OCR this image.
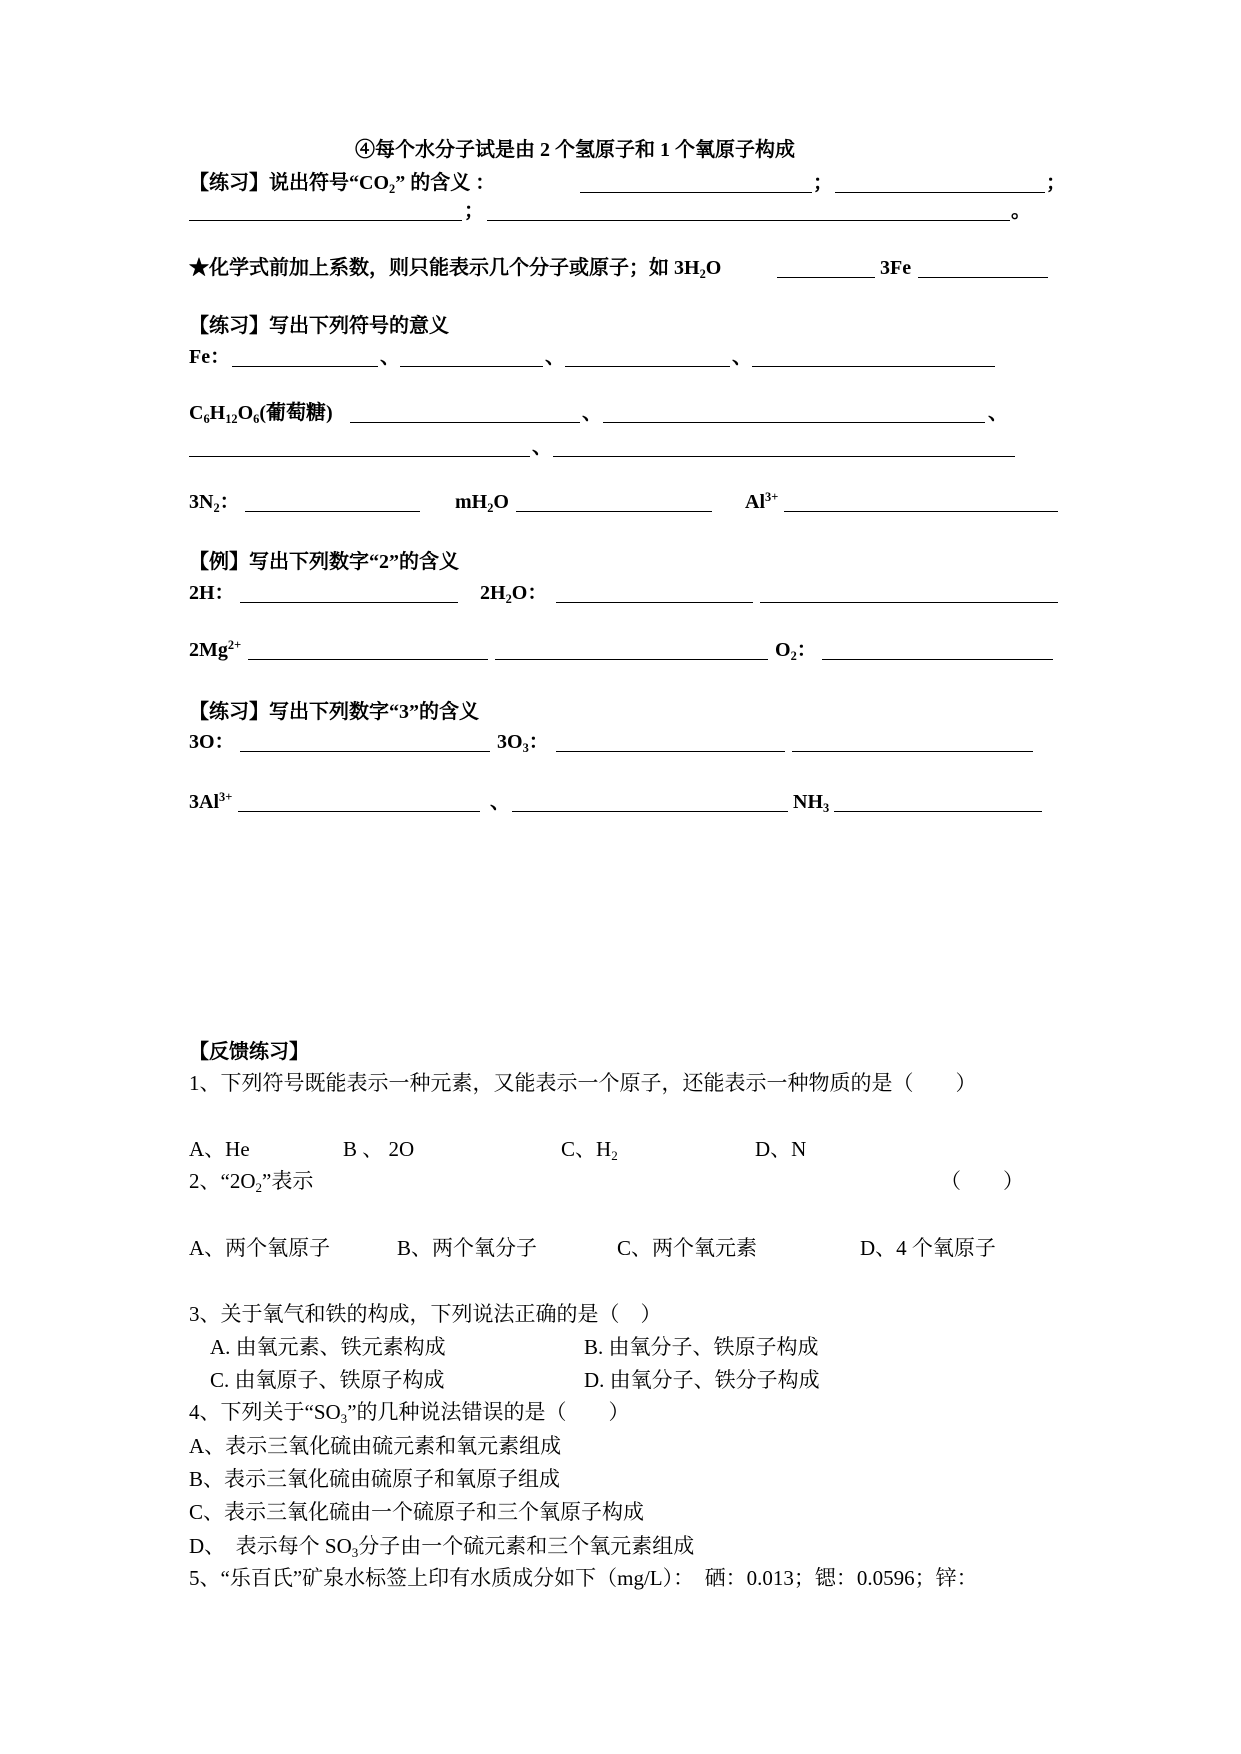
④每个水分子试是由 2 个氢原子和 1 个氧原子构成
【练习】说出符号“$CO_2$” 的含义 ：	；	；
；	。
★化学式前加上系数，则只能表示几个分子或原子；如 $3H_2O$	3Fe
【练习】写出下列符号的意义
Fe：	、	、	、
$C_6H_{12}O_6$(葡萄糖)	、	、
、
$3N_2$：	$mH_2O$	$Al^{3+}$
【例】写出下列数字“2”的含义
2H：	$2H_2O$：
$2Mg^{2+}$	$O_2$：
【练习】写出下列数字“3”的含义
3O：	$3O_3$：
$3Al^{3+}$	、	$NH_3$
【反馈练习】
1、下列符号既能表示一种元素，又能表示一个原子，还能表示一种物质的是（　　）
A、He	B 、 2O	C、$H_2$	D、N
2、“$2O_2$”表示	（　　）
A、两个氧原子	B、两个氧分子	C、两个氧元素	D、4 个氧原子
3、关于氧气和铁的构成，下列说法正确的是（　）
A. 由氧元素、铁元素构成	B. 由氧分子、铁原子构成
C. 由氧原子、铁原子构成	D. 由氧分子、铁分子构成
4、下列关于“$SO_3$”的几种说法错误的是（　　）
A、表示三氧化硫由硫元素和氧元素组成
B、表示三氧化硫由硫原子和氧原子组成
C、表示三氧化硫由一个硫原子和三个氧原子构成
D、　表示每个 $SO_3$分子由一个硫元素和三个氧元素组成
5、“乐百氏”矿泉水标签上印有水质成分如下（mg/L）：　硒：0.013；锶：0.0596；锌：
